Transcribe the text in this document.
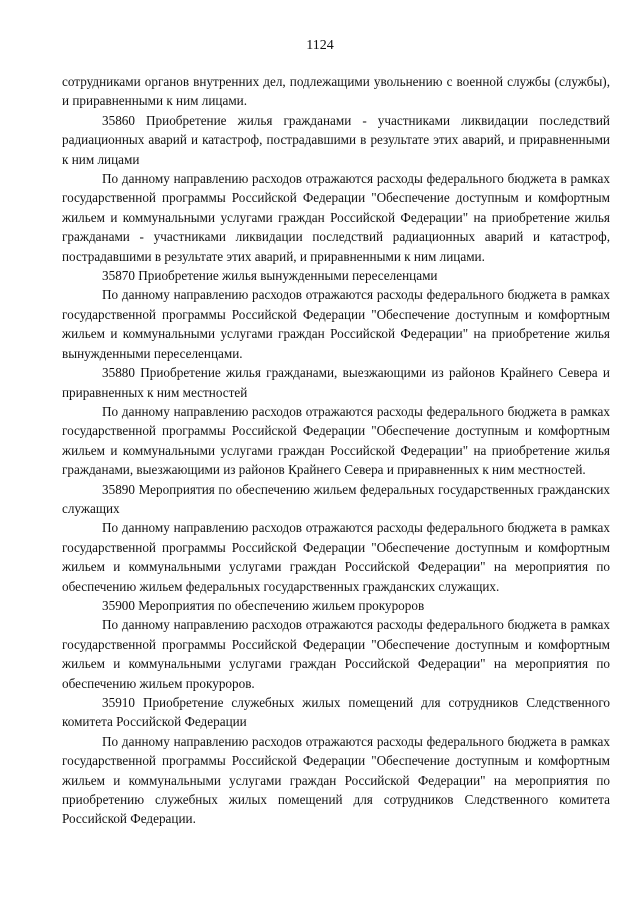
1124

сотрудниками органов внутренних дел, подлежащими увольнению с военной службы (службы), и приравненными к ним лицами.

35860 Приобретение жилья гражданами - участниками ликвидации последствий радиационных аварий и катастроф, пострадавшими в результате этих аварий, и приравненными к ним лицами

По данному направлению расходов отражаются расходы федерального бюджета в рамках государственной программы Российской Федерации "Обеспечение доступным и комфортным жильем и коммунальными услугами граждан Российской Федерации" на приобретение жилья гражданами - участниками ликвидации последствий радиационных аварий и катастроф, пострадавшими в результате этих аварий, и приравненными к ним лицами.

35870 Приобретение жилья вынужденными переселенцами

По данному направлению расходов отражаются расходы федерального бюджета в рамках государственной программы Российской Федерации "Обеспечение доступным и комфортным жильем и коммунальными услугами граждан Российской Федерации" на приобретение жилья вынужденными переселенцами.

35880 Приобретение жилья гражданами, выезжающими из районов Крайнего Севера и приравненных к ним местностей

По данному направлению расходов отражаются расходы федерального бюджета в рамках государственной программы Российской Федерации "Обеспечение доступным и комфортным жильем и коммунальными услугами граждан Российской Федерации" на приобретение жилья гражданами, выезжающими из районов Крайнего Севера и приравненных к ним местностей.

35890 Мероприятия по обеспечению жильем федеральных государственных гражданских служащих

По данному направлению расходов отражаются расходы федерального бюджета в рамках государственной программы Российской Федерации "Обеспечение доступным и комфортным жильем и коммунальными услугами граждан Российской Федерации" на мероприятия по обеспечению жильем федеральных государственных гражданских служащих.

35900 Мероприятия по обеспечению жильем прокуроров

По данному направлению расходов отражаются расходы федерального бюджета в рамках государственной программы Российской Федерации "Обеспечение доступным и комфортным жильем и коммунальными услугами граждан Российской Федерации" на мероприятия по обеспечению жильем прокуроров.

35910 Приобретение служебных жилых помещений для сотрудников Следственного комитета Российской Федерации

По данному направлению расходов отражаются расходы федерального бюджета в рамках государственной программы Российской Федерации "Обеспечение доступным и комфортным жильем и коммунальными услугами граждан Российской Федерации" на мероприятия по приобретению служебных жилых помещений для сотрудников Следственного комитета Российской Федерации.
